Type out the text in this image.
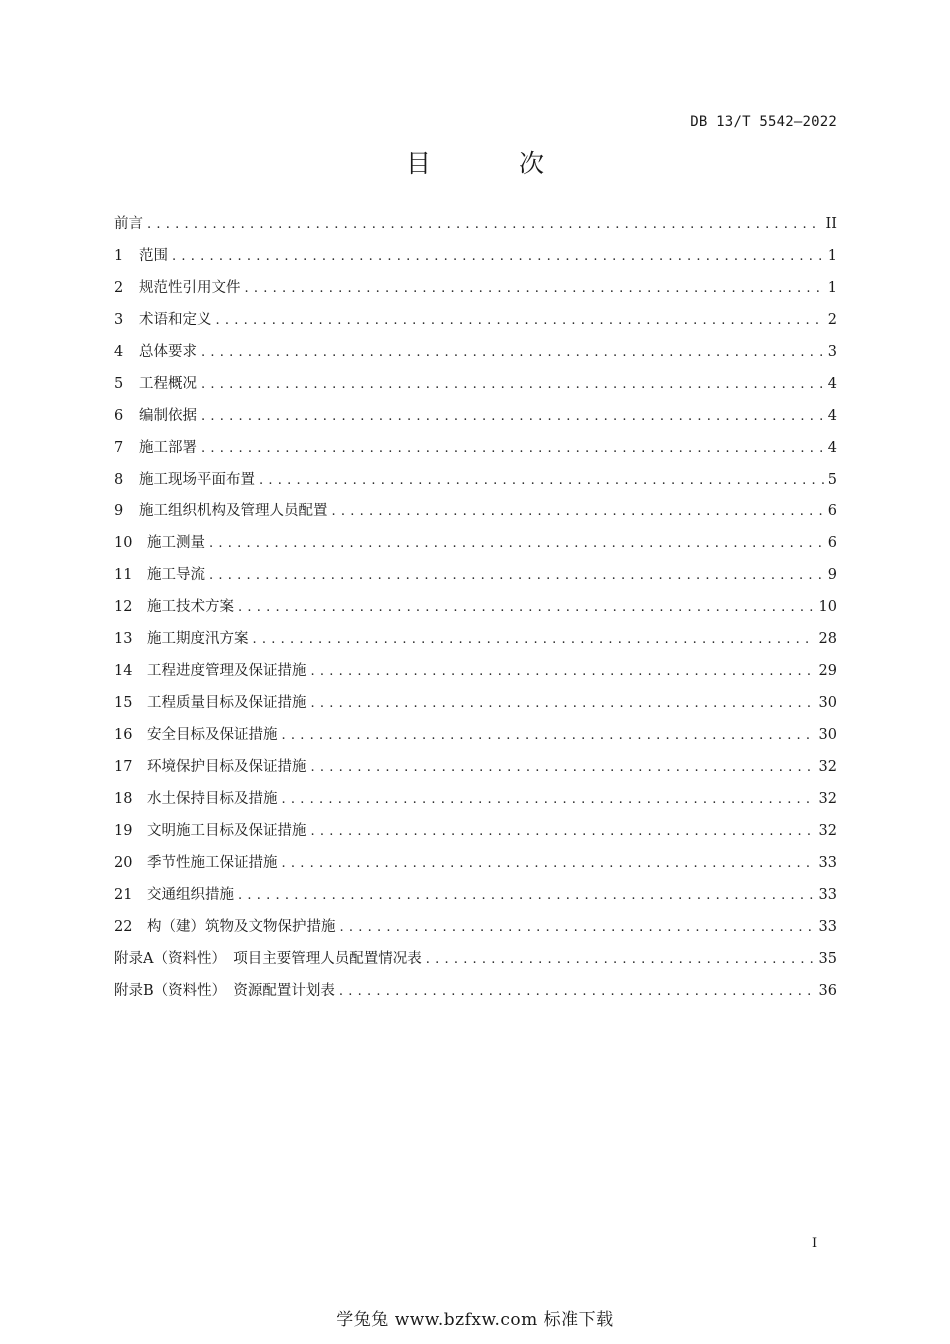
DB 13/T 5542—2022
目 次
前言 . . .	II
1	范围 . . .	1
2	规范性引用文件 . . .	1
3	术语和定义 . . .	2
4	总体要求 . . .	3
5	工程概况 . . .	4
6	编制依据 . . .	4
7	施工部署 . . .	4
8	施工现场平面布置 . . .	5
9	施工组织机构及管理人员配置 . . .	6
10	施工测量 . . .	6
11	施工导流 . . .	9
12	施工技术方案 . . .	10
13	施工期度汛方案 . . .	28
14	工程进度管理及保证措施 . . .	29
15	工程质量目标及保证措施 . . .	30
16	安全目标及保证措施 . . .	30
17	环境保护目标及保证措施 . . .	32
18	水土保持目标及措施 . . .	32
19	文明施工目标及保证措施 . . .	32
20	季节性施工保证措施 . . .	33
21	交通组织措施 . . .	33
22	构（建）筑物及文物保护措施 . . .	33
附录A（资料性）　项目主要管理人员配置情况表 . . .	35
附录B（资料性）　资源配置计划表 . . .	36
I
学兔兔 www.bzfxw.com 标准下载
